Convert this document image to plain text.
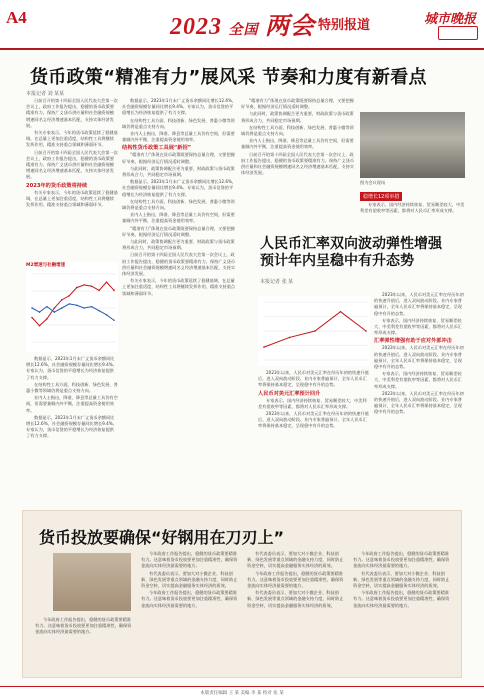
A4	2023 全国 两会 特别报道	城市晚报
货币政策“精准有力”展风采 节奏和力度有新看点
本报记者 刘 某某

日前召开的第十四届全国人民代表大会第一次会议上，政府工作报告提出，稳健的货币政策要精准有力。保持广义货币供应量和社会融资规模增速同名义经济增速基本匹配，支持实体经济发展。

有关专家表示，今年的货币政策延续了稳健基调，在总量上更加注重适度，结构性工具将继续发挥作用，精准支持重点领域和薄弱环节。

日前召开的第十四届全国人民代表大会第一次会议上，政府工作报告提出，稳健的货币政策要精准有力。保持广义货币供应量和社会融资规模增速同名义经济增速基本匹配，支持实体经济发展。

2023年的货币政策将持续

有关专家表示，今年的货币政策延续了稳健基调，在总量上更加注重适度，结构性工具将继续发挥作用，精准支持重点领域和薄弱环节。

M2增速与社融增速

数据显示，2023年1月末广义货币余额同比增长12.6%，社会融资规模存量同比增长9.4%。专家认为，货币信贷的平稳增长为经济恢复提供了有力支撑。

在结构性工具方面，科技创新、绿色发展、普惠小微等领域仍将是重点支持方向。

业内人士指出，降准、降息等总量工具仍有空间，但需要兼顾内外平衡，注重提高资金使用效率。

数据显示，2023年1月末广义货币余额同比增长12.6%，社会融资规模存量同比增长9.4%。专家认为，货币信贷的平稳增长为经济恢复提供了有力支撑。

数据显示，2023年1月末广义货币余额同比增长12.6%，社会融资规模存量同比增长9.4%。专家认为，货币信贷的平稳增长为经济恢复提供了有力支撑。

在结构性工具方面，科技创新、绿色发展、普惠小微等领域仍将是重点支持方向。

业内人士指出，降准、降息等总量工具仍有空间，但需要兼顾内外平衡，注重提高资金使用效率。

结构性货币政策工具展“新招”

“精准有力”体现在货币政策既要保持总量合理，又要把握好节奏，根据经济运行情况适时调整。

与此同时，政策协调配合更为重要，财政政策与货币政策将形成合力，共同稳定市场预期。

数据显示，2023年1月末广义货币余额同比增长12.6%，社会融资规模存量同比增长9.4%。专家认为，货币信贷的平稳增长为经济恢复提供了有力支撑。

在结构性工具方面，科技创新、绿色发展、普惠小微等领域仍将是重点支持方向。

业内人士指出，降准、降息等总量工具仍有空间，但需要兼顾内外平衡，注重提高资金使用效率。

“精准有力”体现在货币政策既要保持总量合理，又要把握好节奏，根据经济运行情况适时调整。

与此同时，政策协调配合更为重要，财政政策与货币政策将形成合力，共同稳定市场预期。

日前召开的第十四届全国人民代表大会第一次会议上，政府工作报告提出，稳健的货币政策要精准有力。保持广义货币供应量和社会融资规模增速同名义经济增速基本匹配，支持实体经济发展。

有关专家表示，今年的货币政策延续了稳健基调，在总量上更加注重适度，结构性工具将继续发挥作用，精准支持重点领域和薄弱环节。

“精准有力”体现在货币政策既要保持总量合理，又要把握好节奏，根据经济运行情况适时调整。

与此同时，政策协调配合更为重要，财政政策与货币政策将形成合力，共同稳定市场预期。

在结构性工具方面，科技创新、绿色发展、普惠小微等领域仍将是重点支持方向。

业内人士指出，降准、降息等总量工具仍有空间，但需要兼顾内外平衡，注重提高资金使用效率。

日前召开的第十四届全国人民代表大会第一次会议上，政府工作报告提出，稳健的货币政策要精准有力。保持广义货币供应量和社会融资规模增速同名义经济增速基本匹配，支持实体经济发展。

图为会议现场
稳增长12项举措

专家表示，国内经济持续恢复、贸易顺差较大、中美利差有望收窄等因素，都将对人民币汇率形成支撑。

人民币汇率双向波动弹性增强 预计年内呈稳中有升态势
本报记者 张 某

2023年以来，人民币对美元汇率在经历年初的快速升值后，进入双向波动阶段。业内专家普遍预计，全年人民币汇率将保持基本稳定，呈现稳中有升的态势。

人民币对美元汇率预计回升

专家表示，国内经济持续恢复、贸易顺差较大、中美利差有望收窄等因素，都将对人民币汇率形成支撑。

2023年以来，人民币对美元汇率在经历年初的快速升值后，进入双向波动阶段。业内专家普遍预计，全年人民币汇率将保持基本稳定，呈现稳中有升的态势。

2023年以来，人民币对美元汇率在经历年初的快速升值后，进入双向波动阶段。业内专家普遍预计，全年人民币汇率将保持基本稳定，呈现稳中有升的态势。

专家表示，国内经济持续恢复、贸易顺差较大、中美利差有望收窄等因素，都将对人民币汇率形成支撑。

汇率弹性增强有助于应对外部冲击

2023年以来，人民币对美元汇率在经历年初的快速升值后，进入双向波动阶段。业内专家普遍预计，全年人民币汇率将保持基本稳定，呈现稳中有升的态势。

专家表示，国内经济持续恢复、贸易顺差较大、中美利差有望收窄等因素，都将对人民币汇率形成支撑。

2023年以来，人民币对美元汇率在经历年初的快速升值后，进入双向波动阶段。业内专家普遍预计，全年人民币汇率将保持基本稳定，呈现稳中有升的态势。

货币投放要确保“好钢用在刀刃上”

今年政府工作报告提出，稳健的货币政策要精准有力。这意味着货币投放要更加注重精准性，确保资金流向实体经济最需要的地方。

今年政府工作报告提出，稳健的货币政策要精准有力。这意味着货币投放要更加注重精准性，确保资金流向实体经济最需要的地方。

有代表委员表示，要加大对小微企业、科技创新、绿色发展等重点领域的金融支持力度，同时防止资金空转，切实提高金融服务实体经济的质效。

今年政府工作报告提出，稳健的货币政策要精准有力。这意味着货币投放要更加注重精准性，确保资金流向实体经济最需要的地方。

有代表委员表示，要加大对小微企业、科技创新、绿色发展等重点领域的金融支持力度，同时防止资金空转，切实提高金融服务实体经济的质效。

今年政府工作报告提出，稳健的货币政策要精准有力。这意味着货币投放要更加注重精准性，确保资金流向实体经济最需要的地方。

有代表委员表示，要加大对小微企业、科技创新、绿色发展等重点领域的金融支持力度，同时防止资金空转，切实提高金融服务实体经济的质效。

今年政府工作报告提出，稳健的货币政策要精准有力。这意味着货币投放要更加注重精准性，确保资金流向实体经济最需要的地方。

有代表委员表示，要加大对小微企业、科技创新、绿色发展等重点领域的金融支持力度，同时防止资金空转，切实提高金融服务实体经济的质效。

今年政府工作报告提出，稳健的货币政策要精准有力。这意味着货币投放要更加注重精准性，确保资金流向实体经济最需要的地方。

本版责任编辑 王 某 美编 李 某 校对 张 某
